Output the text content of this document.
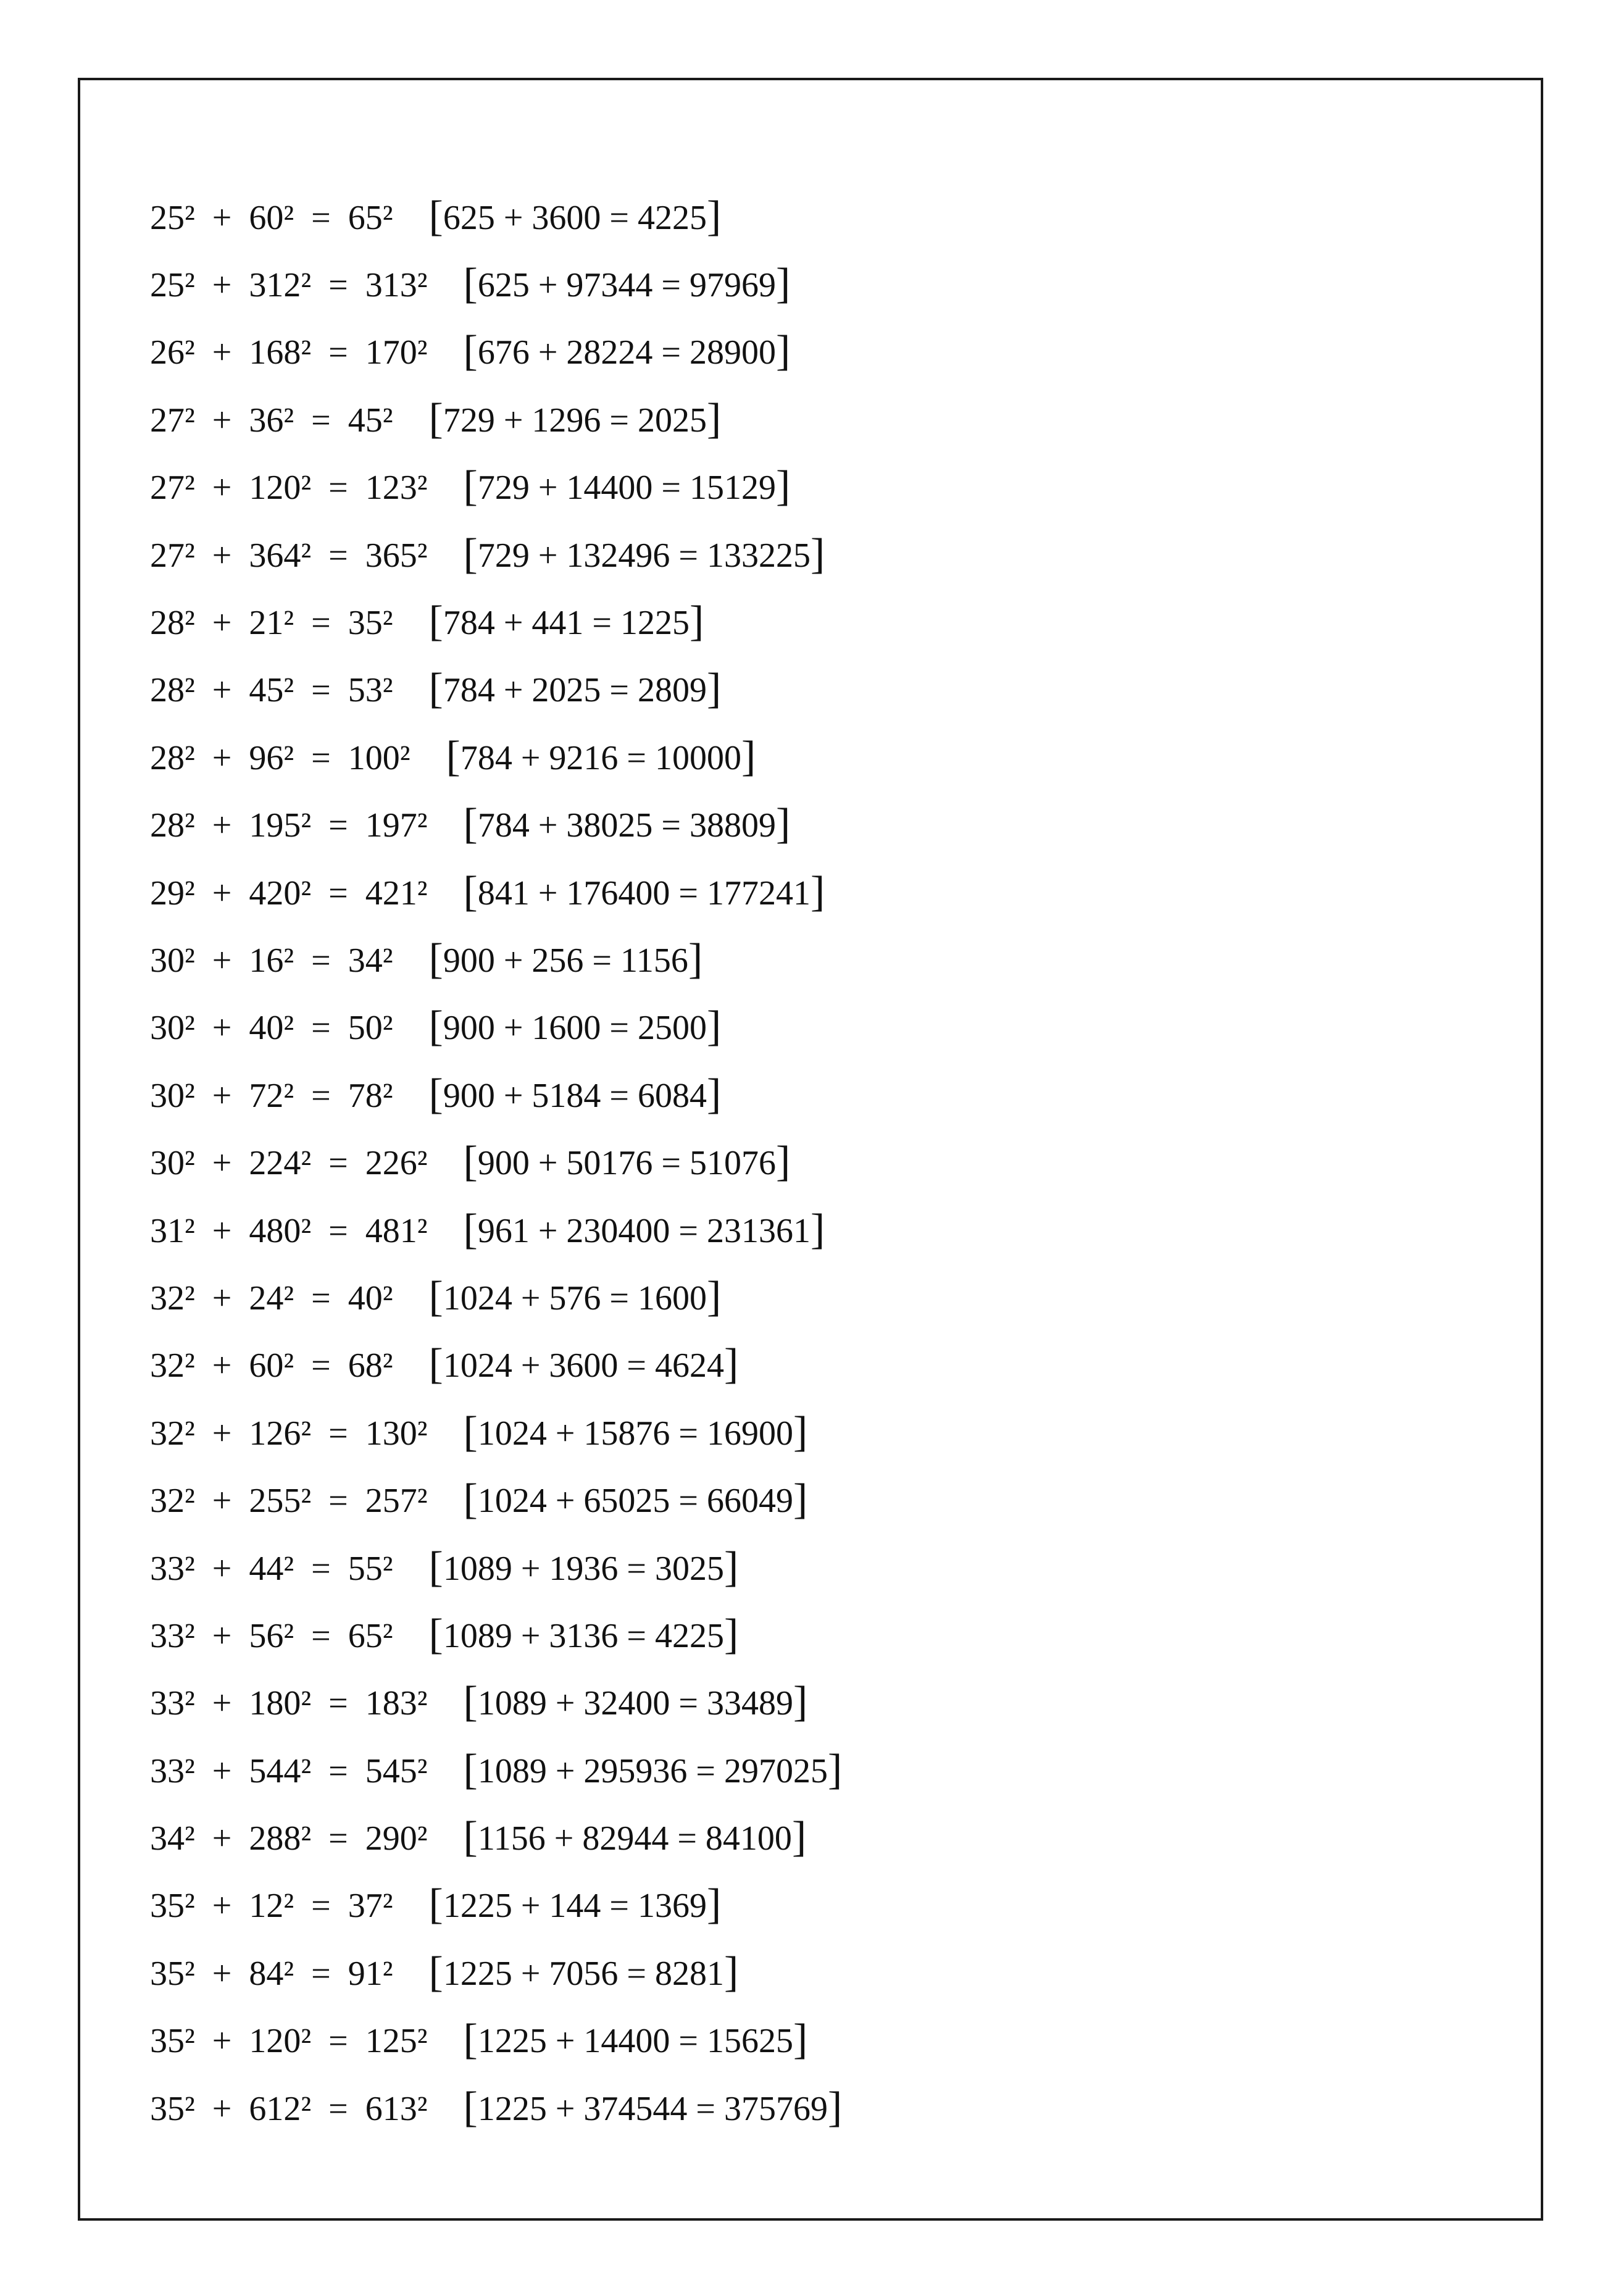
25²  +  60²  =  65² [ 625 + 3600 = 4225 ]
25²  +  312²  =  313² [ 625 + 97344 = 97969 ]
26²  +  168²  =  170² [ 676 + 28224 = 28900 ]
27²  +  36²  =  45² [ 729 + 1296 = 2025 ]
27²  +  120²  =  123² [ 729 + 14400 = 15129 ]
27²  +  364²  =  365² [ 729 + 132496 = 133225 ]
28²  +  21²  =  35² [ 784 + 441 = 1225 ]
28²  +  45²  =  53² [ 784 + 2025 = 2809 ]
28²  +  96²  =  100² [ 784 + 9216 = 10000 ]
28²  +  195²  =  197² [ 784 + 38025 = 38809 ]
29²  +  420²  =  421² [ 841 + 176400 = 177241 ]
30²  +  16²  =  34² [ 900 + 256 = 1156 ]
30²  +  40²  =  50² [ 900 + 1600 = 2500 ]
30²  +  72²  =  78² [ 900 + 5184 = 6084 ]
30²  +  224²  =  226² [ 900 + 50176 = 51076 ]
31²  +  480²  =  481² [ 961 + 230400 = 231361 ]
32²  +  24²  =  40² [ 1024 + 576 = 1600 ]
32²  +  60²  =  68² [ 1024 + 3600 = 4624 ]
32²  +  126²  =  130² [ 1024 + 15876 = 16900 ]
32²  +  255²  =  257² [ 1024 + 65025 = 66049 ]
33²  +  44²  =  55² [ 1089 + 1936 = 3025 ]
33²  +  56²  =  65² [ 1089 + 3136 = 4225 ]
33²  +  180²  =  183² [ 1089 + 32400 = 33489 ]
33²  +  544²  =  545² [ 1089 + 295936 = 297025 ]
34²  +  288²  =  290² [ 1156 + 82944 = 84100 ]
35²  +  12²  =  37² [ 1225 + 144 = 1369 ]
35²  +  84²  =  91² [ 1225 + 7056 = 8281 ]
35²  +  120²  =  125² [ 1225 + 14400 = 15625 ]
35²  +  612²  =  613² [ 1225 + 374544 = 375769 ]
